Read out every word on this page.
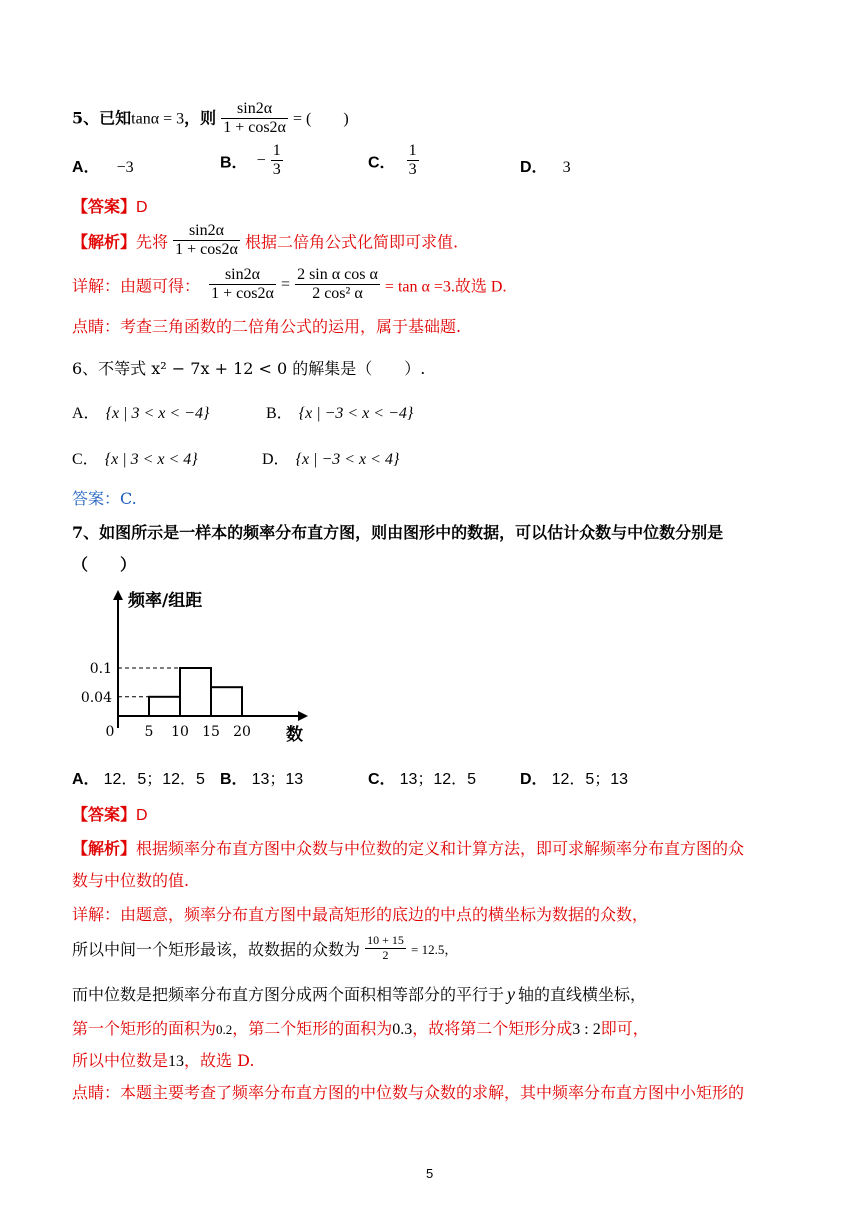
5、已知tanα = 3，则 $\frac{\sin 2\alpha}{1 + \cos 2\alpha}$ = (　　)
A． −3	B． − $\frac{1}{3}$	C． $\frac{1}{3}$	D． 3
【答案】D
【解析】先将 $\frac{\sin 2\alpha}{1 + \cos 2\alpha}$ 根据二倍角公式化简即可求值.
详解：由题可得： $\frac{\sin 2\alpha}{1 + \cos 2\alpha} = \frac{\text{2 sin α cos α}}{\text{2 cos² α}} = \tan \alpha =3$.故选 D.
点睛：考查三角函数的二倍角公式的运用，属于基础题.
6、不等式 x² − 7x + 12 < 0 的解集是（　　）.
A． {x | 3 < x < −4}	B． {x | −3 < x < −4}
C． {x | 3 < x < 4}	D． {x | −3 < x < 4}
答案：C.
7、如图所示是一样本的频率分布直方图，则由图形中的数据，可以估计众数与中位数分别是
（　　）
0.04
0.1
0 5 10 15 20
频率/组距
数
A． 12．5；12．5 B． 13；13	C． 13；12．5	D． 12．5；13
【答案】D
【解析】根据频率分布直方图中众数与中位数的定义和计算方法，即可求解频率分布直方图的众
数与中位数的值.
详解：由题意，频率分布直方图中最高矩形的底边的中点的横坐标为数据的众数，
所以中间一个矩形最该，故数据的众数为 $\frac{10 + 15}{2} = 12.5$，
而中位数是把频率分布直方图分成两个面积相等部分的平行于 y 轴的直线横坐标，
第一个矩形的面积为0.2，第二个矩形的面积为0.3，故将第二个矩形分成3 : 2即可，
所以中位数是13，故选 D.
点睛：本题主要考查了频率分布直方图的中位数与众数的求解，其中频率分布直方图中小矩形的
5
